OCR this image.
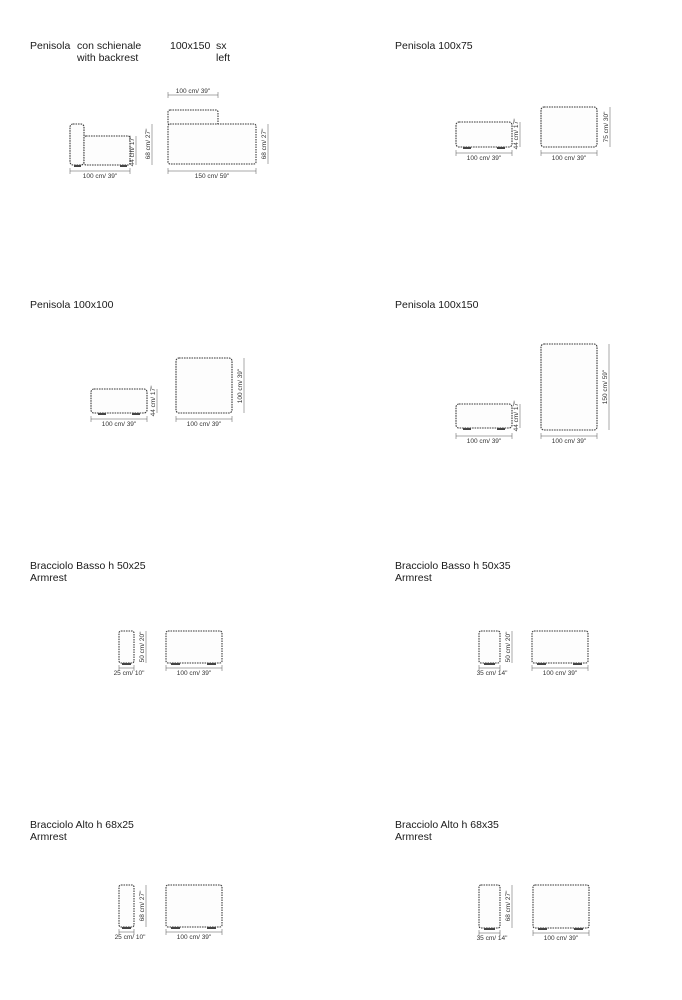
Penisola con schienale
with backrest
100x150 sx
left
Penisola 100x75
Penisola 100x100	Penisola 100x150
Bracciolo Basso h 50x25
Armrest
Bracciolo Basso h 50x35
Armrest
Bracciolo Alto h 68x25
Armrest
Bracciolo Alto h 68x35
Armrest
100 cm/ 39"
44 cm/ 17" 68 cm/ 27"
100 cm/ 39"
150 cm/ 59"
68 cm/ 27"	100 cm/ 39"
44 cm/ 17"
100 cm/ 39"
75 cm/ 30"
100 cm/ 39"
44 cm/ 17"
100 cm/ 39"
100 cm/ 39"
100 cm/ 39"
44 cm/ 17"
100 cm/ 39"
150 cm/ 59"
25 cm/ 10"
50 cm/ 20"
100 cm/ 39"	35 cm/ 14"
50 cm/ 20"
100 cm/ 39"
25 cm/ 10"
68 cm/ 27"
100 cm/ 39"	35 cm/ 14"
68 cm/ 27"
100 cm/ 39"
